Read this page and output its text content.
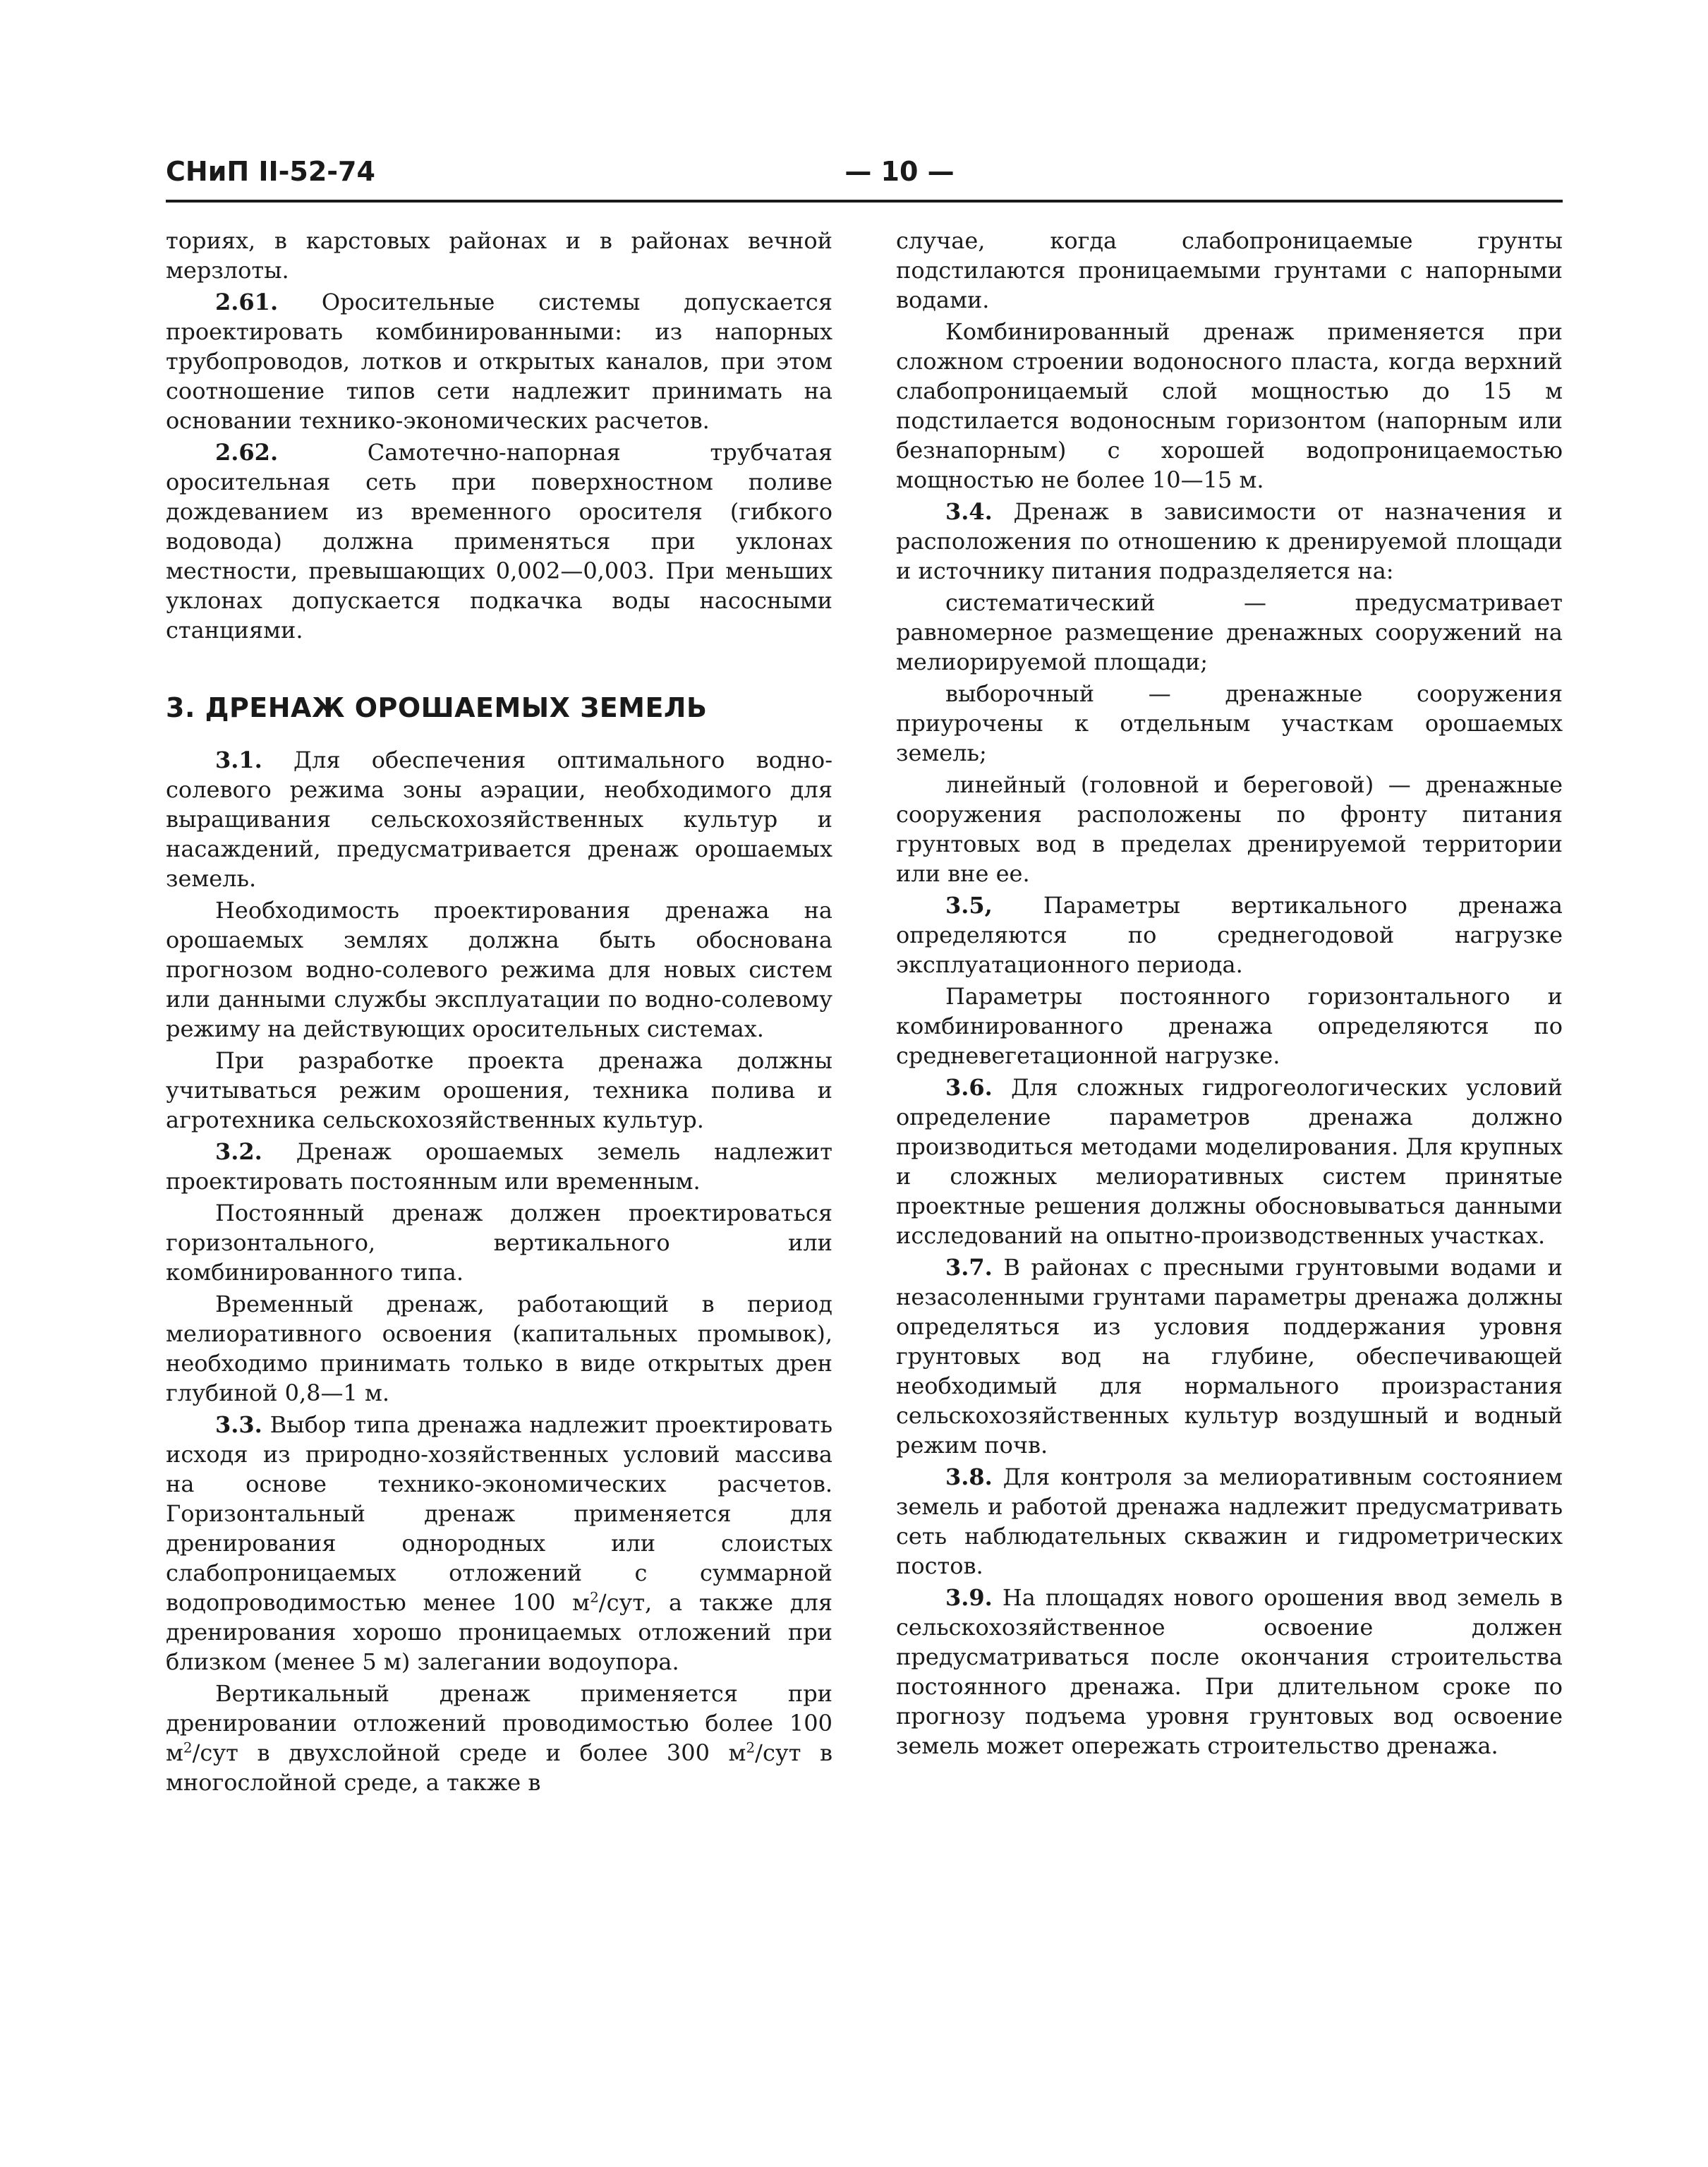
СНиП II-52-74	— 10 —

ториях, в карстовых районах и в районах вечной мерзлоты.

2.61. Оросительные системы допускается проектировать комбинированными: из напорных трубопроводов, лотков и открытых каналов, при этом соотношение типов сети надлежит принимать на основании технико-экономических расчетов.

2.62. Самотечно-напорная трубчатая оросительная сеть при поверхностном поливе дождеванием из временного оросителя (гибкого водовода) должна применяться при уклонах местности, превышающих 0,002—0,003. При меньших уклонах допускается подкачка воды насосными станциями.

3. ДРЕНАЖ ОРОШАЕМЫХ ЗЕМЕЛЬ

3.1. Для обеспечения оптимального водно-солевого режима зоны аэрации, необходимого для выращивания сельскохозяйственных культур и насаждений, предусматривается дренаж орошаемых земель.

Необходимость проектирования дренажа на орошаемых землях должна быть обоснована прогнозом водно-солевого режима для новых систем или данными службы эксплуатации по водно-солевому режиму на действующих оросительных системах.

При разработке проекта дренажа должны учитываться режим орошения, техника полива и агротехника сельскохозяйственных культур.

3.2. Дренаж орошаемых земель надлежит проектировать постоянным или временным.

Постоянный дренаж должен проектироваться горизонтального, вертикального или комбинированного типа.

Временный дренаж, работающий в период мелиоративного освоения (капитальных промывок), необходимо принимать только в виде открытых дрен глубиной 0,8—1 м.

3.3. Выбор типа дренажа надлежит проектировать исходя из природно-хозяйственных условий массива на основе технико-экономических расчетов. Горизонтальный дренаж применяется для дренирования однородных или слоистых слабопроницаемых отложений с суммарной водопроводимостью менее 100 $м^2$/сут, а также для дренирования хорошо проницаемых отложений при близком (менее 5 м) залегании водоупора.

Вертикальный дренаж применяется при дренировании отложений проводимостью более 100 $м^2$/сут в двухслойной среде и более 300 $м^2$/сут в многослойной среде, а также в

случае, когда слабопроницаемые грунты подстилаются проницаемыми грунтами с напорными водами.

Комбинированный дренаж применяется при сложном строении водоносного пласта, когда верхний слабопроницаемый слой мощностью до 15 м подстилается водоносным горизонтом (напорным или безнапорным) с хорошей водопроницаемостью мощностью не более 10—15 м.

3.4. Дренаж в зависимости от назначения и расположения по отношению к дренируемой площади и источнику питания подразделяется на:

систематический — предусматривает равномерное размещение дренажных сооружений на мелиорируемой площади;

выборочный — дренажные сооружения приурочены к отдельным участкам орошаемых земель;

линейный (головной и береговой) — дренажные сооружения расположены по фронту питания грунтовых вод в пределах дренируемой территории или вне ее.

3.5, Параметры вертикального дренажа определяются по среднегодовой нагрузке эксплуатационного периода.

Параметры постоянного горизонтального и комбинированного дренажа определяются по средневегетационной нагрузке.

3.6. Для сложных гидрогеологических условий определение параметров дренажа должно производиться методами моделирования. Для крупных и сложных мелиоративных систем принятые проектные решения должны обосновываться данными исследований на опытно-производственных участках.

3.7. В районах с пресными грунтовыми водами и незасоленными грунтами параметры дренажа должны определяться из условия поддержания уровня грунтовых вод на глубине, обеспечивающей необходимый для нормального произрастания сельскохозяйственных культур воздушный и водный режим почв.

3.8. Для контроля за мелиоративным состоянием земель и работой дренажа надлежит предусматривать сеть наблюдательных скважин и гидрометрических постов.

3.9. На площадях нового орошения ввод земель в сельскохозяйственное освоение должен предусматриваться после окончания строительства постоянного дренажа. При длительном сроке по прогнозу подъема уровня грунтовых вод освоение земель может опережать строительство дренажа.
